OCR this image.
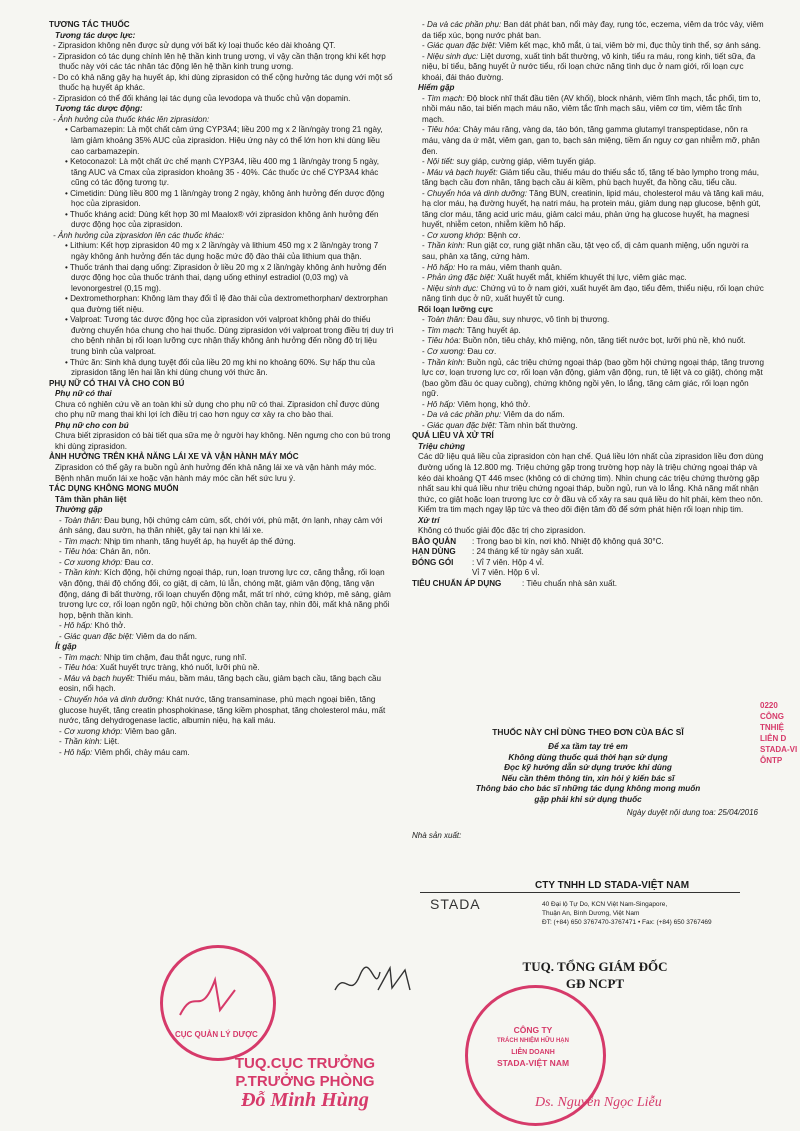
TƯƠNG TÁC THUỐC

Tương tác dược lực:

- Ziprasidon không nên được sử dụng với bất kỳ loại thuốc kéo dài khoảng QT.

- Ziprasidon có tác dụng chính lên hệ thần kinh trung ương, vì vậy cần thận trọng khi kết hợp thuốc này với các tác nhân tác động lên hệ thần kinh trung ương.

- Do có khả năng gây hạ huyết áp, khi dùng ziprasidon có thể cộng hưởng tác dụng với một số thuốc hạ huyết áp khác.

- Ziprasidon có thể đối kháng lại tác dụng của levodopa và thuốc chủ vận dopamin.

Tương tác dược động:

- Ảnh hưởng của thuốc khác lên ziprasidon:

• Carbamazepin: Là một chất cảm ứng CYP3A4; liều 200 mg x 2 lần/ngày trong 21 ngày, làm giảm khoảng 35% AUC của ziprasidon. Hiệu ứng này có thể lớn hơn khi dùng liều cao carbamazepin.

• Ketoconazol: Là một chất ức chế mạnh CYP3A4, liều 400 mg 1 lần/ngày trong 5 ngày, tăng AUC và Cmax của ziprasidon khoảng 35 - 40%. Các thuốc ức chế CYP3A4 khác cũng có tác động tương tự.

• Cimetidin: Dùng liều 800 mg 1 lần/ngày trong 2 ngày, không ảnh hưởng đến dược động học của ziprasidon.

• Thuốc kháng acid: Dùng kết hợp 30 ml Maalox® với ziprasidon không ảnh hưởng đến dược động học của ziprasidon.

- Ảnh hưởng của ziprasidon lên các thuốc khác:

• Lithium: Kết hợp ziprasidon 40 mg x 2 lần/ngày và lithium 450 mg x 2 lần/ngày trong 7 ngày không ảnh hưởng đến tác dụng hoặc mức độ đào thải của lithium qua thận.

• Thuốc tránh thai dạng uống: Ziprasidon ở liều 20 mg x 2 lần/ngày không ảnh hưởng đến dược động học của thuốc tránh thai, dạng uống ethinyl estradiol (0,03 mg) và levonorgestrel (0,15 mg).

• Dextromethorphan: Không làm thay đổi tỉ lệ đào thải của dextromethorphan/ dextrorphan qua đường tiết niệu.

• Valproat: Tương tác dược động học của ziprasidon với valproat không phải do thiếu đường chuyển hóa chung cho hai thuốc. Dùng ziprasidon với valproat trong điều trị duy trì cho bệnh nhân bị rối loạn lưỡng cực nhận thấy không ảnh hưởng đến nồng độ trị liệu trung bình của valproat.

• Thức ăn: Sinh khả dụng tuyệt đối của liều 20 mg khi no khoảng 60%. Sự hấp thu của ziprasidon tăng lên hai lần khi dùng chung với thức ăn.

PHỤ NỮ CÓ THAI VÀ CHO CON BÚ

Phụ nữ có thai

Chưa có nghiên cứu về an toàn khi sử dụng cho phụ nữ có thai. Ziprasidon chỉ được dùng cho phụ nữ mang thai khi lợi ích điều trị cao hơn nguy cơ xảy ra cho bào thai.

Phụ nữ cho con bú

Chưa biết ziprasidon có bài tiết qua sữa mẹ ở người hay không. Nên ngưng cho con bú trong khi dùng ziprasidon.

ẢNH HƯỞNG TRÊN KHẢ NĂNG LÁI XE VÀ VẬN HÀNH MÁY MÓC

Ziprasidon có thể gây ra buồn ngủ ảnh hưởng đến khả năng lái xe và vận hành máy móc. Bệnh nhân muốn lái xe hoặc vận hành máy móc cần hết sức lưu ý.

TÁC DỤNG KHÔNG MONG MUỐN

Tâm thần phân liệt

Thường gặp

- Toàn thân: Đau bụng, hội chứng cảm cúm, sốt, chới với, phù mặt, ớn lạnh, nhạy cảm với ánh sáng, đau sườn, hạ thân nhiệt, gây tai nạn khi lái xe.

- Tim mạch: Nhịp tim nhanh, tăng huyết áp, hạ huyết áp thế đứng.

- Tiêu hóa: Chán ăn, nôn.

- Cơ xương khớp: Đau cơ.

- Thần kinh: Kích động, hội chứng ngoại tháp, run, loạn trương lực cơ, căng thẳng, rối loạn vận động, thái độ chống đối, co giật, dị cảm, lú lẫn, chóng mặt, giảm vận động, tăng vận động, dáng đi bất thường, rối loạn chuyển động mắt, mất trí nhớ, cứng khớp, mê sảng, giảm trương lực cơ, rối loạn ngôn ngữ, hội chứng bồn chồn chân tay, nhìn đôi, mất khả năng phối hợp, bệnh thần kinh.

- Hô hấp: Khó thở.

- Giác quan đặc biệt: Viêm da do nấm.

Ít gặp

- Tim mạch: Nhịp tim chậm, đau thắt ngực, rung nhĩ.

- Tiêu hóa: Xuất huyết trực tràng, khó nuốt, lưỡi phù nề.

- Máu và bạch huyết: Thiếu máu, bầm máu, tăng bạch cầu, giảm bạch cầu, tăng bạch cầu eosin, nổi hạch.

- Chuyển hóa và dinh dưỡng: Khát nước, tăng transaminase, phù mạch ngoại biên, tăng glucose huyết, tăng creatin phosphokinase, tăng kiềm phosphat, tăng cholesterol máu, mất nước, tăng dehydrogenase lactic, albumin niệu, hạ kali máu.

- Cơ xương khớp: Viêm bao gân.

- Thần kinh: Liệt.

- Hô hấp: Viêm phổi, chảy máu cam.

- Da và các phần phụ: Ban dát phát ban, nổi mày đay, rụng tóc, eczema, viêm da tróc vảy, viêm da tiếp xúc, bọng nước phát ban.

- Giác quan đặc biệt: Viêm kết mạc, khô mắt, ù tai, viêm bờ mi, đục thủy tinh thể, sợ ánh sáng.

- Niệu sinh dục: Liệt dương, xuất tinh bất thường, vô kinh, tiểu ra máu, rong kinh, tiết sữa, đa niệu, bí tiểu, băng huyết ử nước tiểu, rối loạn chức năng tình dục ở nam giới, rối loạn cực khoái, đái tháo đường.

Hiếm gặp

- Tim mạch: Độ block nhĩ thất đầu tiên (AV khối), block nhánh, viêm tĩnh mạch, tắc phổi, tim to, nhồi máu não, tai biến mạch máu não, viêm tắc tĩnh mạch sâu, viêm cơ tim, viêm tắc tĩnh mạch.

- Tiêu hóa: Chảy máu răng, vàng da, táo bón, tăng gamma glutamyl transpeptidase, nôn ra máu, vàng da ứ mật, viêm gan, gan to, bạch sản miệng, tiềm ẩn nguy cơ gan nhiễm mỡ, phân đen.

- Nội tiết: suy giáp, cường giáp, viêm tuyến giáp.

- Máu và bạch huyết: Giảm tiểu cầu, thiếu máu do thiếu sắc tố, tăng tế bào lympho trong máu, tăng bạch cầu đơn nhân, tăng bạch cầu ái kiềm, phù bạch huyết, đa hồng cầu, tiểu cầu.

- Chuyển hóa và dinh dưỡng: Tăng BUN, creatinin, lipid máu, cholesterol máu và tăng kali máu, hạ clor máu, hạ đường huyết, hạ natri máu, hạ protein máu, giảm dung nạp glucose, bệnh gút, tăng clor máu, tăng acid uric máu, giảm calci máu, phản ứng hạ glucose huyết, hạ magnesi huyết, nhiễm ceton, nhiễm kiềm hô hấp.

- Cơ xương khớp: Bệnh cơ.

- Thần kinh: Run giật cơ, rung giật nhãn cầu, tật vẹo cổ, dị cảm quanh miệng, uốn người ra sau, phản xạ tăng, cứng hàm.

- Hô hấp: Ho ra máu, viêm thanh quản.

- Phản ứng đặc biệt: Xuất huyết mắt, khiếm khuyết thị lực, viêm giác mạc.

- Niệu sinh dục: Chứng vú to ở nam giới, xuất huyết âm đạo, tiểu đêm, thiểu niệu, rối loạn chức năng tình dục ở nữ, xuất huyết tử cung.

Rối loạn lưỡng cực

- Toàn thân: Đau đầu, suy nhược, vô tình bị thương.

- Tim mạch: Tăng huyết áp.

- Tiêu hóa: Buồn nôn, tiêu chảy, khô miệng, nôn, tăng tiết nước bọt, lưỡi phù nề, khó nuốt.

- Cơ xương: Đau cơ.

- Thần kinh: Buồn ngủ, các triệu chứng ngoại tháp (bao gồm hội chứng ngoại tháp, tăng trương lực cơ, loạn trương lực cơ, rối loạn vận động, giảm vận động, run, tê liệt và co giật), chóng mặt (bao gồm đầu óc quay cuồng), chứng không ngồi yên, lo lắng, tăng cảm giác, rối loạn ngôn ngữ.

- Hô hấp: Viêm họng, khó thở.

- Da và các phần phụ: Viêm da do nấm.

- Giác quan đặc biệt: Tầm nhìn bất thường.

QUÁ LIỀU VÀ XỬ TRÍ

Triệu chứng

Các dữ liệu quá liều của ziprasidon còn hạn chế. Quá liều lớn nhất của ziprasidon liều đơn dùng đường uống là 12.800 mg. Triệu chứng gặp trong trường hợp này là triệu chứng ngoại tháp và kéo dài khoảng QT 446 msec (không có di chứng tim). Nhìn chung các triệu chứng thường gặp nhất sau khi quá liều như triệu chứng ngoại tháp, buồn ngủ, run và lo lắng. Khả năng mất nhận thức, co giật hoặc loạn trương lực cơ ở đầu và cổ xảy ra sau quá liều do hít phải, kèm theo nôn. Kiểm tra tim mạch ngay lập tức và theo dõi điện tâm đồ để sớm phát hiện rối loạn nhịp tim.

Xử trí

Không có thuốc giải độc đặc trị cho ziprasidon.

BẢO QUẢN	: Trong bao bì kín, nơi khô. Nhiệt độ không quá 30°C.

HẠN DÙNG	: 24 tháng kể từ ngày sản xuất.

ĐÓNG GÓI	: Vỉ 7 viên. Hộp 4 vỉ.

Vỉ 7 viên. Hộp 6 vỉ.

TIÊU CHUẨN ÁP DỤNG	: Tiêu chuẩn nhà sản xuất.

THUỐC NÀY CHỈ DÙNG THEO ĐƠN CỦA BÁC SĨ

Để xa tầm tay trẻ em

Không dùng thuốc quá thời hạn sử dụng

Đọc kỹ hướng dẫn sử dụng trước khi dùng

Nếu cần thêm thông tin, xin hỏi ý kiến bác sĩ

Thông báo cho bác sĩ những tác dụng không mong muốn

gặp phải khi sử dụng thuốc

Ngày duyệt nội dung toa: 25/04/2016

Nhà sản xuất:

STADA
CTY TNHH LD STADA-VIỆT NAM
40 Đại lộ Tự Do, KCN Việt Nam-Singapore,
Thuận An, Bình Dương, Việt Nam
ĐT: (+84) 650 3767470-3767471 • Fax: (+84) 650 3767469
CỤC QUẢN LÝ DƯỢC
TUQ.CỤC TRƯỞNG
P.TRƯỞNG PHÒNG
Đỗ Minh Hùng
TUQ. TỔNG GIÁM ĐỐC
GĐ NCPT
CÔNG TY
TRÁCH NHIỆM HỮU HẠN
LIÊN DOANH
STADA-VIỆT NAM
Ds. Nguyễn Ngọc Liễu
0220
CÔNG
TNHIỆ
LIÊN D
STADA-VI
ÔNTP
